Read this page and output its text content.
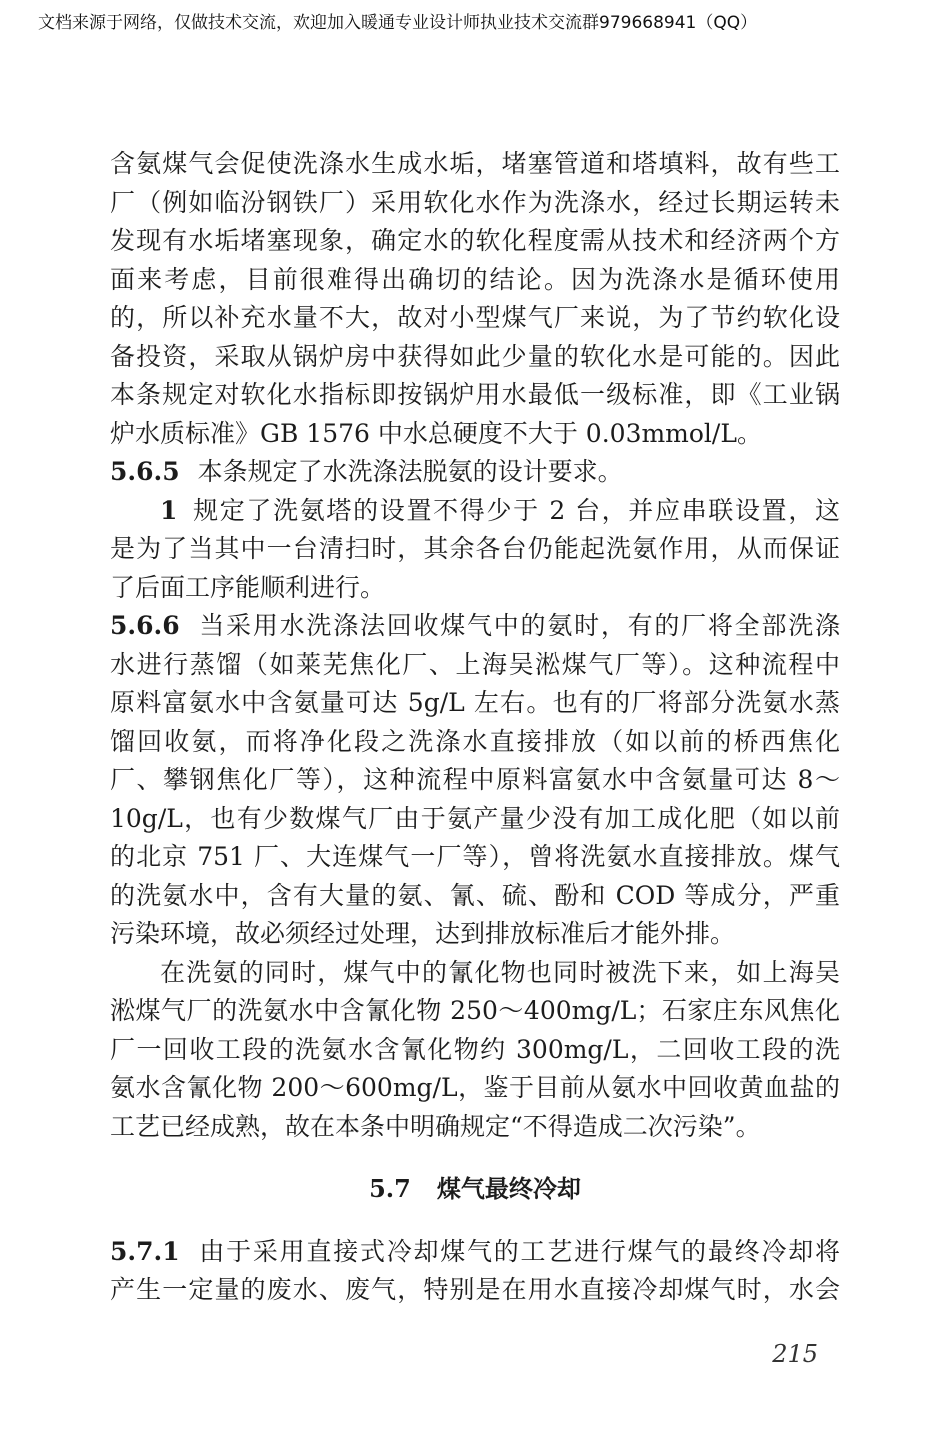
文档来源于网络，仅做技术交流，欢迎加入暖通专业设计师执业技术交流群979668941（QQ）
含氨煤气会促使洗涤水生成水垢，堵塞管道和塔填料，故有些工
厂（例如临汾钢铁厂）采用软化水作为洗涤水，经过长期运转未
发现有水垢堵塞现象，确定水的软化程度需从技术和经济两个方
面来考虑，目前很难得出确切的结论。因为洗涤水是循环使用
的，所以补充水量不大，故对小型煤气厂来说，为了节约软化设
备投资，采取从锅炉房中获得如此少量的软化水是可能的。因此
本条规定对软化水指标即按锅炉用水最低一级标准，即《工业锅
炉水质标准》GB 1576 中水总硬度不大于 0.03mmol/L。
5.6.5 本条规定了水洗涤法脱氨的设计要求。
1 规定了洗氨塔的设置不得少于 2 台，并应串联设置，这
是为了当其中一台清扫时，其余各台仍能起洗氨作用，从而保证
了后面工序能顺利进行。
5.6.6 当采用水洗涤法回收煤气中的氨时，有的厂将全部洗涤
水进行蒸馏（如莱芜焦化厂、上海吴淞煤气厂等）。这种流程中
原料富氨水中含氨量可达 5g/L 左右。也有的厂将部分洗氨水蒸
馏回收氨，而将净化段之洗涤水直接排放（如以前的桥西焦化
厂、攀钢焦化厂等），这种流程中原料富氨水中含氨量可达 8～
10g/L，也有少数煤气厂由于氨产量少没有加工成化肥（如以前
的北京 751 厂、大连煤气一厂等），曾将洗氨水直接排放。煤气
的洗氨水中，含有大量的氨、氰、硫、酚和 COD 等成分，严重
污染环境，故必须经过处理，达到排放标准后才能外排。
在洗氨的同时，煤气中的氰化物也同时被洗下来，如上海吴
淞煤气厂的洗氨水中含氰化物 250～400mg/L；石家庄东风焦化
厂一回收工段的洗氨水含氰化物约 300mg/L，二回收工段的洗
氨水含氰化物 200～600mg/L，鉴于目前从氨水中回收黄血盐的
工艺已经成熟，故在本条中明确规定“不得造成二次污染”。
5.7 煤气最终冷却
5.7.1 由于采用直接式冷却煤气的工艺进行煤气的最终冷却将
产生一定量的废水、废气，特别是在用水直接冷却煤气时，水会
215
